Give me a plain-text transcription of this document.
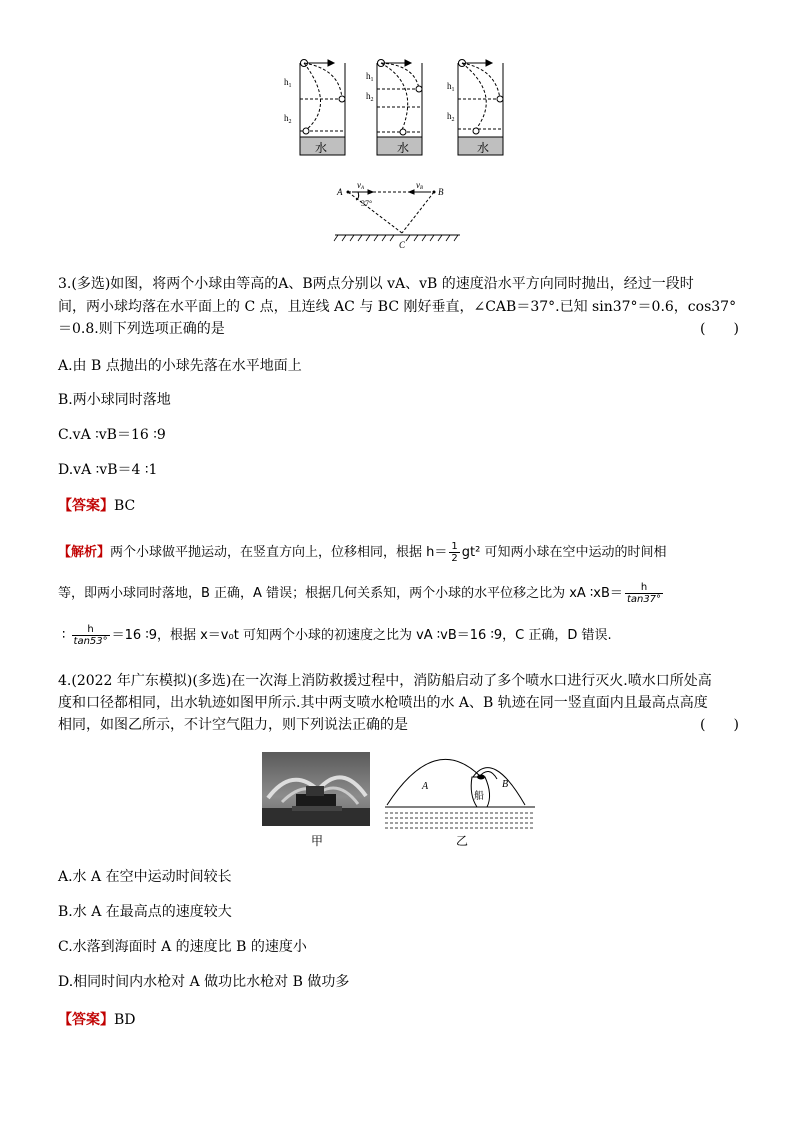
$h_1$
$h_2$
$h_1$
$h_2$
$h_1$
$h_2$
水	水	水
A	B
C
vA	vB
37°
3.(多选)如图，将两个小球由等高的A、B两点分别以 vA、vB 的速度沿水平方向同时抛出，经过一段时
间，两小球均落在水平面上的 C 点，且连线 AC 与 BC 刚好垂直，∠CAB＝37°.已知 sin37°＝0.6，cos37°
＝0.8.则下列选项正确的是	(　　)
A.由 B 点抛出的小球先落在水平地面上
B.两小球同时落地
C.vA ∶vB＝16 ∶9
D.vA ∶vB＝4 ∶1
【答案】BC
【解析】两个小球做平抛运动，在竖直方向上，位移相同，根据 $h= \frac{1}{2} gt^2$ 可知两小球在空中运动的时间相
等，即两小球同时落地，B 正确，A 错误；根据几何关系知，两个小球的水平位移之比为 xA ∶xB＝ $\frac{h}{\tan 37^\circ}$
∶ $\frac{h}{\tan 53^\circ} =16$ ∶9，根据 x＝v₀t 可知两个小球的初速度之比为 vA ∶vB＝16 ∶9，C 正确，D 错误.
4.(2022 年广东模拟)(多选)在一次海上消防救援过程中，消防船启动了多个喷水口进行灭火.喷水口所处高
度和口径都相同，出水轨迹如图甲所示.其中两支喷水枪喷出的水 A、B 轨迹在同一竖直面内且最高点高度
相同，如图乙所示，不计空气阻力，则下列说法正确的是	(　　)
甲
A	B
船
乙
A.水 A 在空中运动时间较长
B.水 A 在最高点的速度较大
C.水落到海面时 A 的速度比 B 的速度小
D.相同时间内水枪对 A 做功比水枪对 B 做功多
【答案】BD
